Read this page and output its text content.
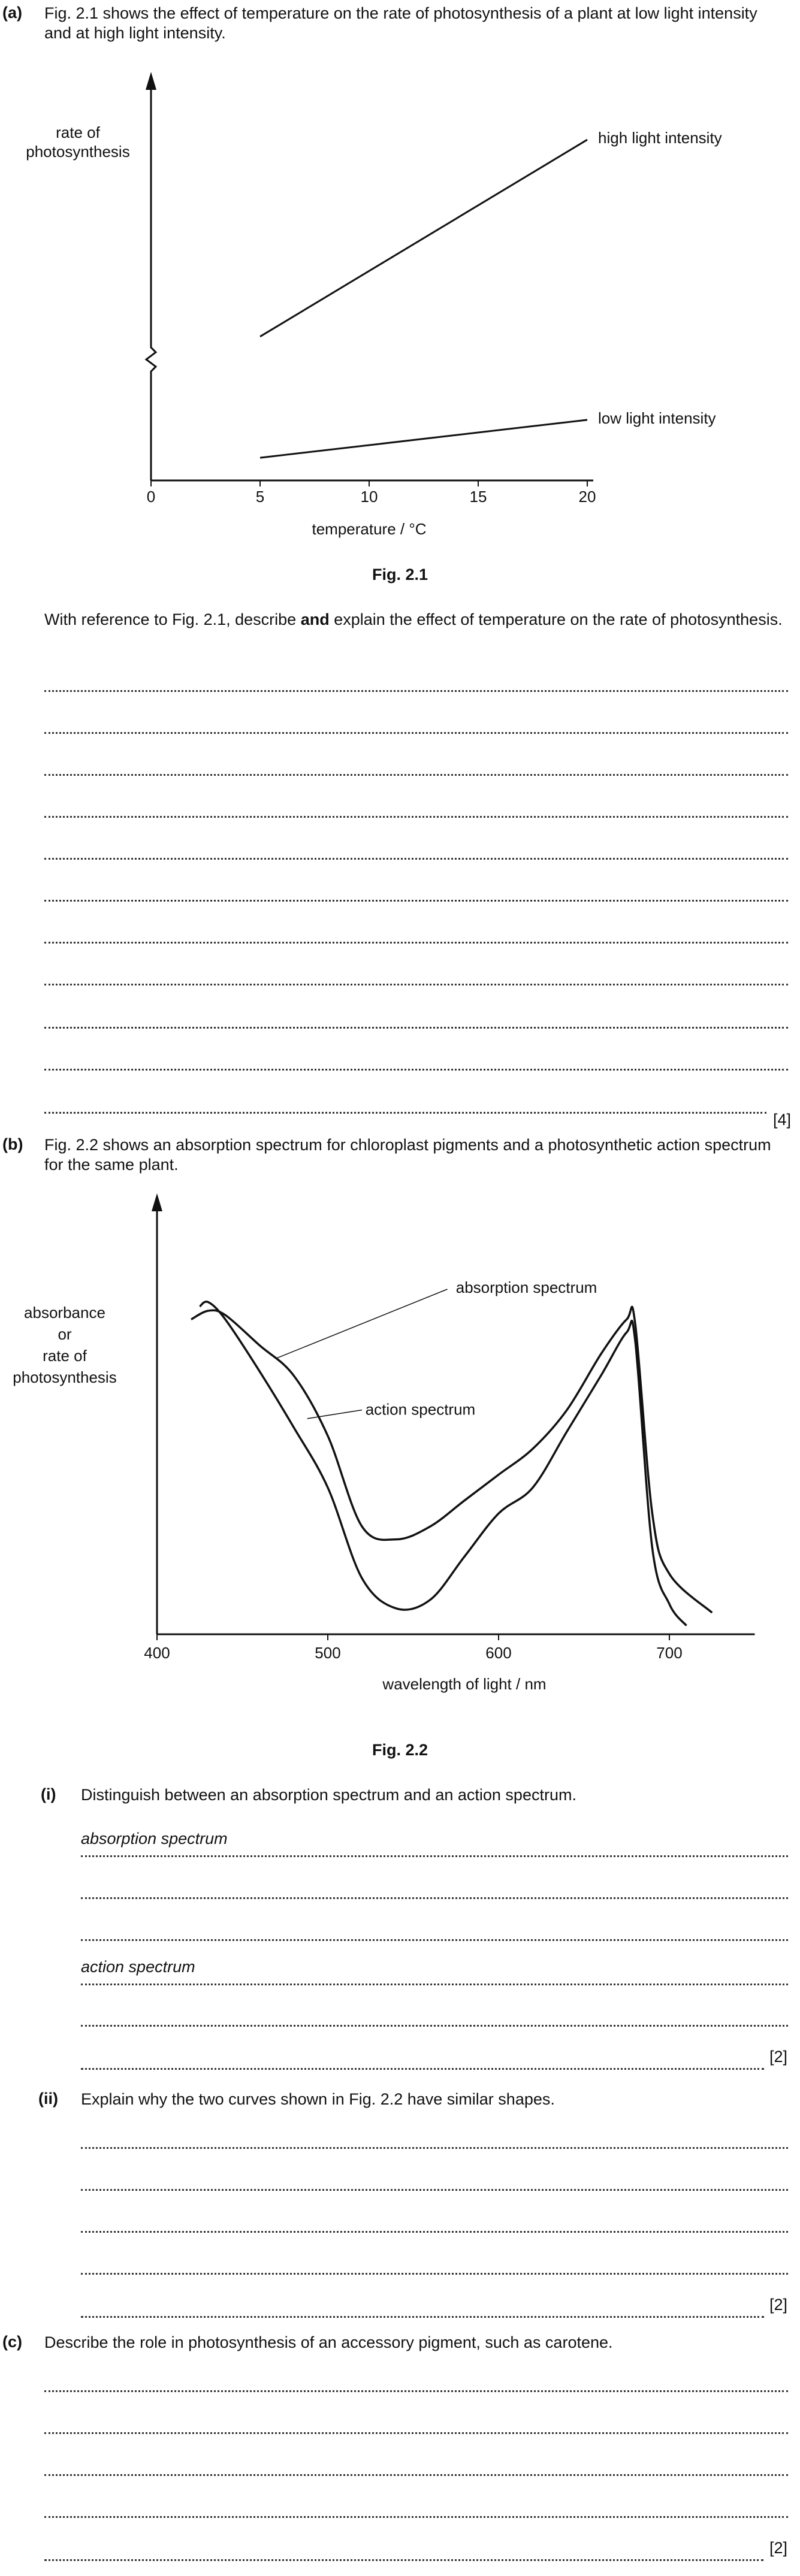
(a) Fig. 2.1 shows the effect of temperature on the rate of photosynthesis of a plant at low light intensity and at high light intensity.
0	5	10	15	20
temperature / °C
rate of photosynthesis
high light intensity
low light intensity
Fig. 2.1
With reference to Fig. 2.1, describe and explain the effect of temperature on the rate of photosynthesis.
[4]
(b) Fig. 2.2 shows an absorption spectrum for chloroplast pigments and a photosynthetic action spectrum for the same plant.
400	500	600	700
wavelength of light / nm
absorbance or rate of photosynthesis
absorption spectrum
action spectrum
Fig. 2.2
(i) Distinguish between an absorption spectrum and an action spectrum.
absorption spectrum
action spectrum
[2]
(ii) Explain why the two curves shown in Fig. 2.2 have similar shapes.
[2]
(c) Describe the role in photosynthesis of an accessory pigment, such as carotene.
[2]
